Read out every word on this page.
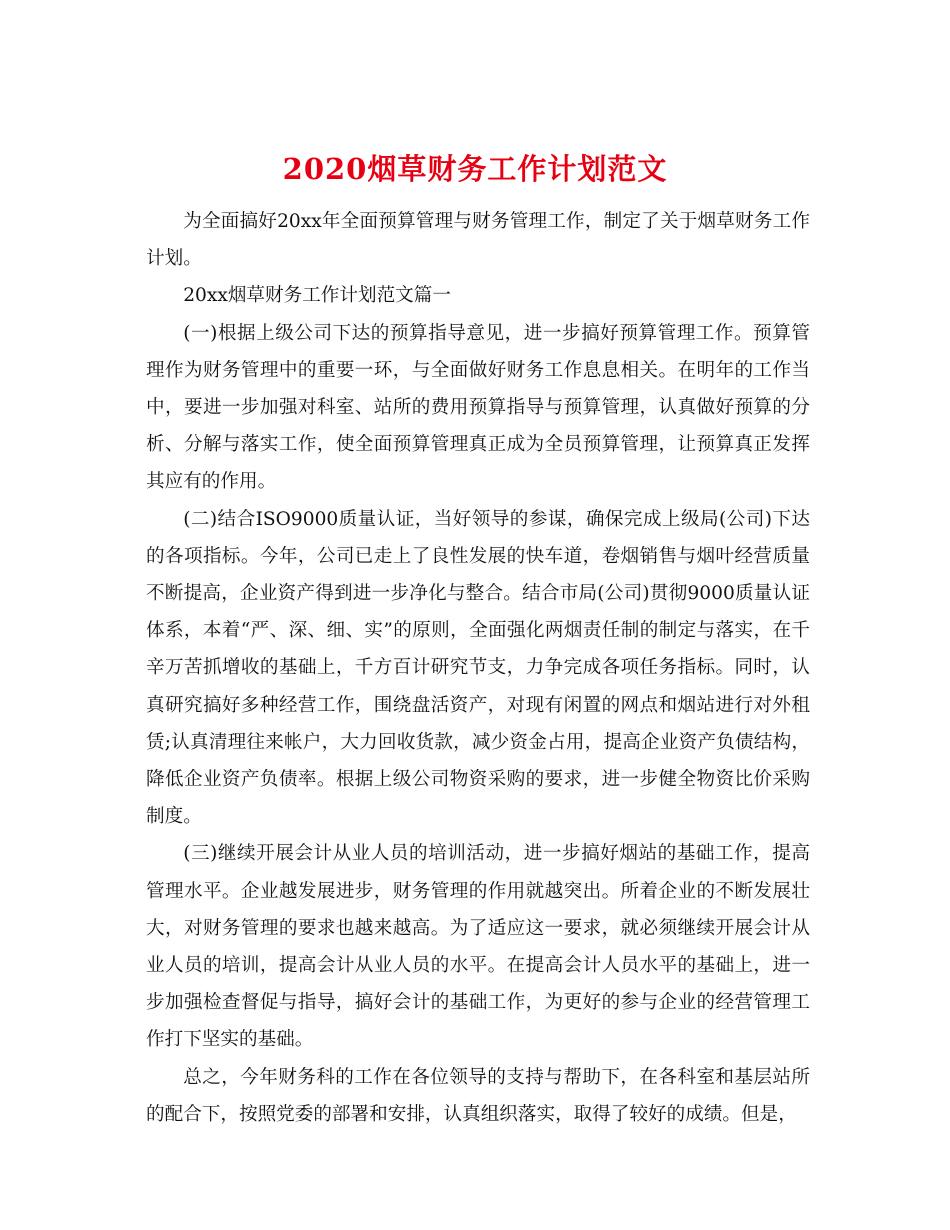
2020烟草财务工作计划范文

为全面搞好20xx年全面预算管理与财务管理工作，制定了关于烟草财务工作计划。

20xx烟草财务工作计划范文篇一

(一)根据上级公司下达的预算指导意见，进一步搞好预算管理工作。预算管理作为财务管理中的重要一环，与全面做好财务工作息息相关。在明年的工作当中，要进一步加强对科室、站所的费用预算指导与预算管理，认真做好预算的分析、分解与落实工作，使全面预算管理真正成为全员预算管理，让预算真正发挥其应有的作用。

(二)结合ISO9000质量认证，当好领导的参谋，确保完成上级局(公司)下达的各项指标。今年，公司已走上了良性发展的快车道，卷烟销售与烟叶经营质量不断提高，企业资产得到进一步净化与整合。结合市局(公司)贯彻9000质量认证体系，本着“严、深、细、实”的原则，全面强化两烟责任制的制定与落实，在千辛万苦抓增收的基础上，千方百计研究节支，力争完成各项任务指标。同时，认真研究搞好多种经营工作，围绕盘活资产，对现有闲置的网点和烟站进行对外租赁;认真清理往来帐户，大力回收货款，减少资金占用，提高企业资产负债结构，降低企业资产负债率。根据上级公司物资采购的要求，进一步健全物资比价采购制度。

(三)继续开展会计从业人员的培训活动，进一步搞好烟站的基础工作，提高管理水平。企业越发展进步，财务管理的作用就越突出。所着企业的不断发展壮大，对财务管理的要求也越来越高。为了适应这一要求，就必须继续开展会计从业人员的培训，提高会计从业人员的水平。在提高会计人员水平的基础上，进一步加强检查督促与指导，搞好会计的基础工作，为更好的参与企业的经营管理工作打下坚实的基础。

总之，今年财务科的工作在各位领导的支持与帮助下，在各科室和基层站所的配合下，按照党委的部署和安排，认真组织落实，取得了较好的成绩。但是，
